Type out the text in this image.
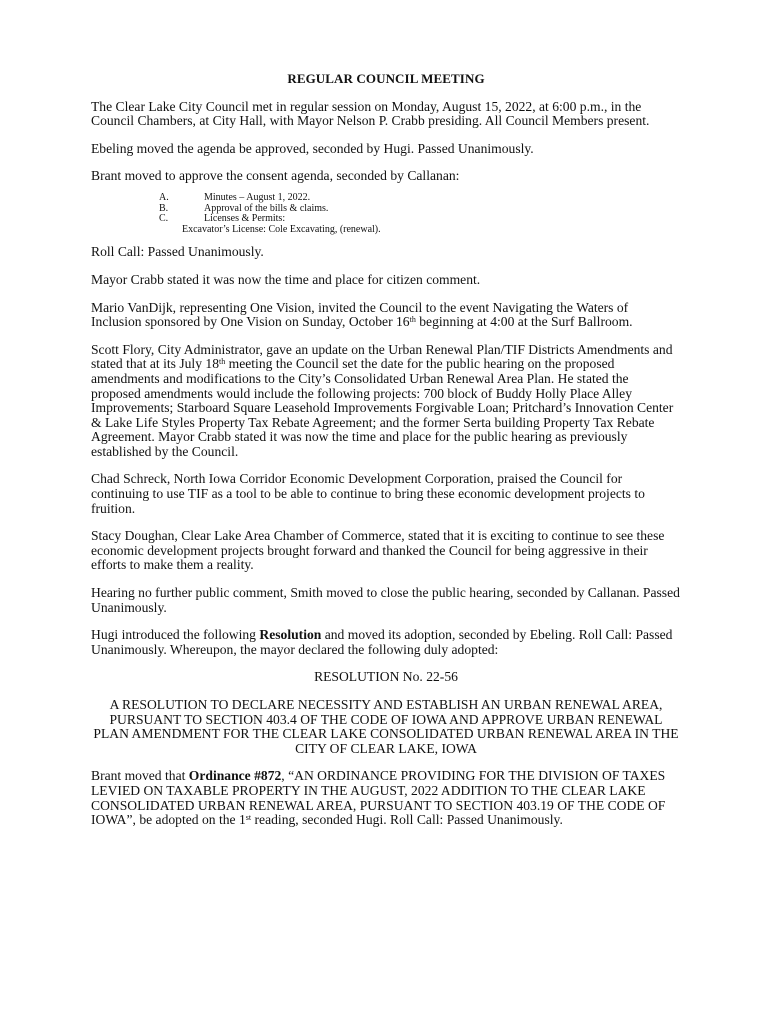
REGULAR COUNCIL MEETING

The Clear Lake City Council met in regular session on Monday, August 15, 2022, at 6:00 p.m., in the Council Chambers, at City Hall, with Mayor Nelson P. Crabb presiding. All Council Members present.

Ebeling moved the agenda be approved, seconded by Hugi. Passed Unanimously.

Brant moved to approve the consent agenda, seconded by Callanan:

A.	Minutes – August 1, 2022.
B.	Approval of the bills & claims.
C.	Licenses & Permits:
Excavator’s License: Cole Excavating, (renewal).

Roll Call: Passed Unanimously.

Mayor Crabb stated it was now the time and place for citizen comment.

Mario VanDijk, representing One Vision, invited the Council to the event Navigating the Waters of Inclusion sponsored by One Vision on Sunday, October 16th beginning at 4:00 at the Surf Ballroom.

Scott Flory, City Administrator, gave an update on the Urban Renewal Plan/TIF Districts Amendments and stated that at its July 18th meeting the Council set the date for the public hearing on the proposed amendments and modifications to the City’s Consolidated Urban Renewal Area Plan. He stated the proposed amendments would include the following projects: 700 block of Buddy Holly Place Alley Improvements; Starboard Square Leasehold Improvements Forgivable Loan; Pritchard’s Innovation Center & Lake Life Styles Property Tax Rebate Agreement; and the former Serta building Property Tax Rebate Agreement. Mayor Crabb stated it was now the time and place for the public hearing as previously established by the Council.

Chad Schreck, North Iowa Corridor Economic Development Corporation, praised the Council for continuing to use TIF as a tool to be able to continue to bring these economic development projects to fruition.

Stacy Doughan, Clear Lake Area Chamber of Commerce, stated that it is exciting to continue to see these economic development projects brought forward and thanked the Council for being aggressive in their efforts to make them a reality.

Hearing no further public comment, Smith moved to close the public hearing, seconded by Callanan. Passed Unanimously.

Hugi introduced the following Resolution and moved its adoption, seconded by Ebeling. Roll Call: Passed Unanimously. Whereupon, the mayor declared the following duly adopted:

RESOLUTION No. 22-56
A RESOLUTION TO DECLARE NECESSITY AND ESTABLISH AN URBAN RENEWAL AREA, PURSUANT TO SECTION 403.4 OF THE CODE OF IOWA AND APPROVE URBAN RENEWAL PLAN AMENDMENT FOR THE CLEAR LAKE CONSOLIDATED URBAN RENEWAL AREA IN THE CITY OF CLEAR LAKE, IOWA

Brant moved that Ordinance #872, “AN ORDINANCE PROVIDING FOR THE DIVISION OF TAXES LEVIED ON TAXABLE PROPERTY IN THE AUGUST, 2022 ADDITION TO THE CLEAR LAKE CONSOLIDATED URBAN RENEWAL AREA, PURSUANT TO SECTION 403.19 OF THE CODE OF IOWA”, be adopted on the 1st reading, seconded Hugi. Roll Call: Passed Unanimously.
